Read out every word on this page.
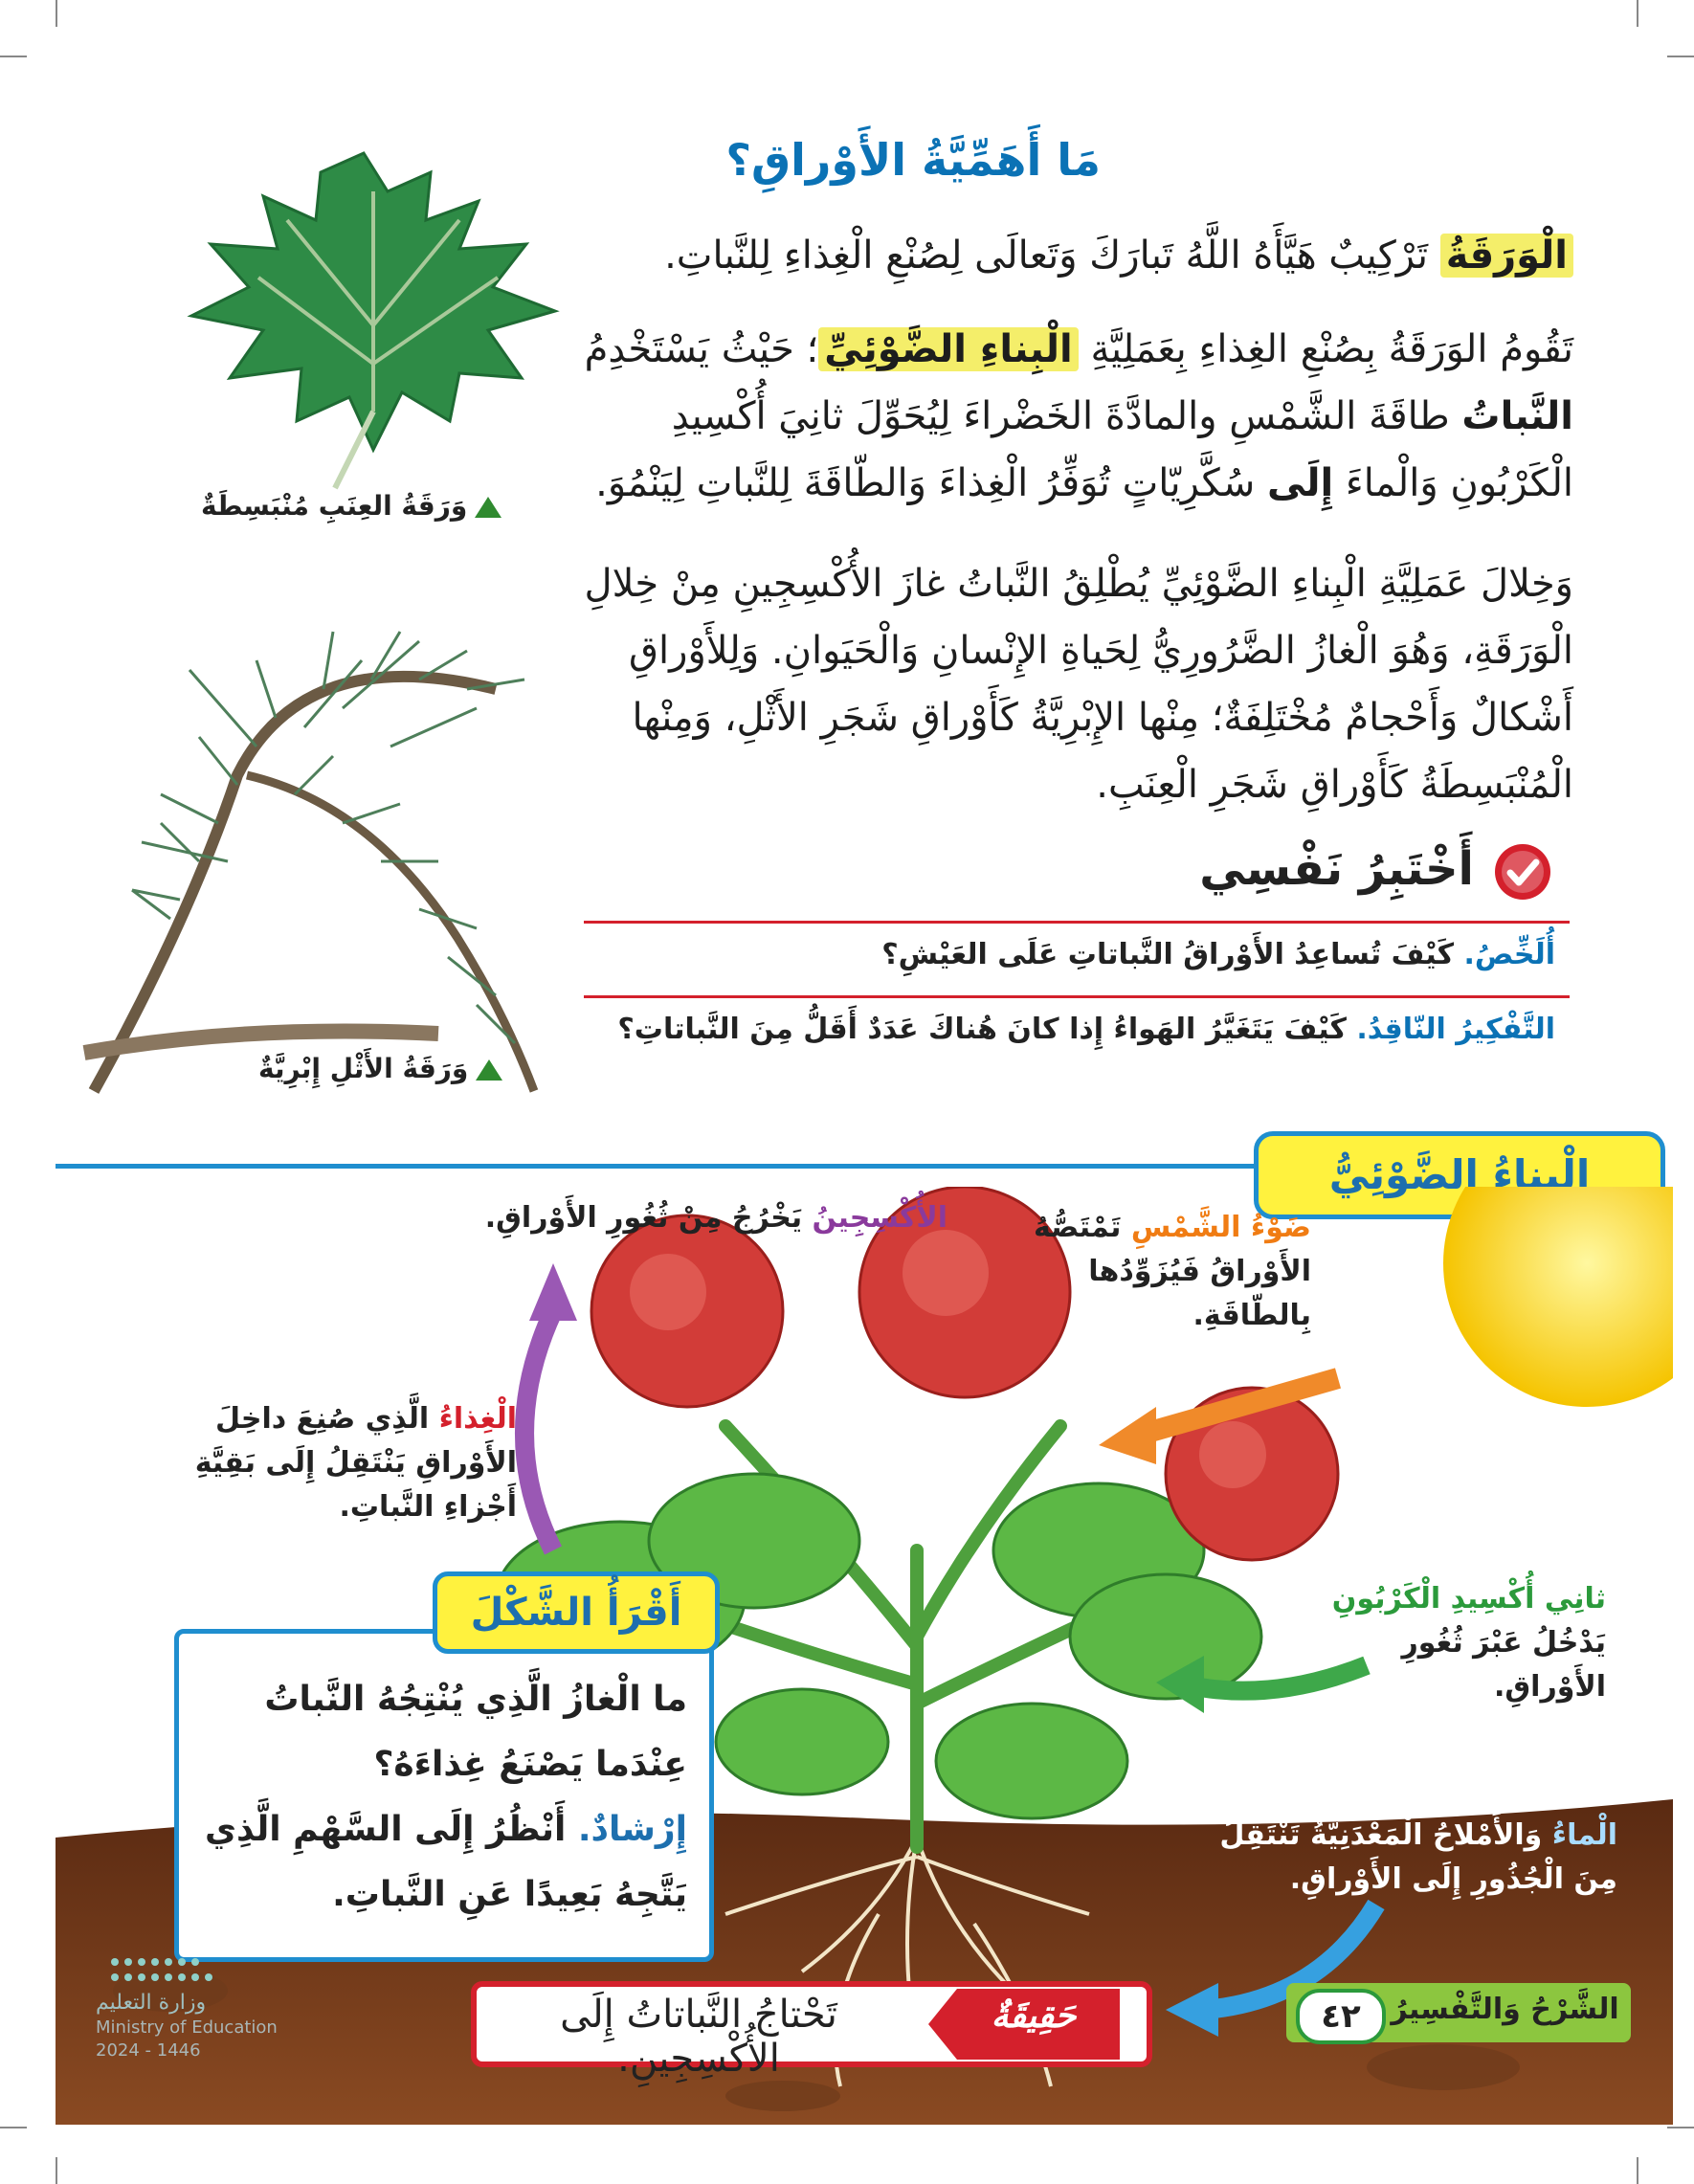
مَا أَهَمِّيَّةُ الأَوْراقِ؟
الْوَرَقَةُ تَرْكِيبٌ هَيَّأَهُ اللَّهُ تَبارَكَ وَتَعالَى لِصُنْعِ الْغِذاءِ لِلنَّباتِ.
تَقُومُ الوَرَقَةُ بِصُنْعِ الغِذاءِ بِعَمَلِيَّةِ الْبِناءِ الضَّوْئِيِّ؛ حَيْثُ يَسْتَخْدِمُ النَّباتُ طاقَةَ الشَّمْسِ والمادَّةَ الخَضْراءَ لِيُحَوِّلَ ثانِيَ أُكْسِيدِ الْكَرْبُونِ وَالْماءَ إِلَى سُكَّرِيّاتٍ تُوَفِّرُ الْغِذاءَ وَالطّاقَةَ لِلنَّباتِ لِيَنْمُوَ.
وَخِلالَ عَمَلِيَّةِ الْبِناءِ الضَّوْئِيِّ يُطْلِقُ النَّباتُ غازَ الأُكْسِجِينِ مِنْ خِلالِ الْوَرَقَةِ، وَهُوَ الْغازُ الضَّرُورِيُّ لِحَياةِ الإِنْسانِ وَالْحَيَوانِ. وَلِلأَوْراقِ أَشْكالٌ وَأَحْجامٌ مُخْتَلِفَةٌ؛ مِنْها الإِبْرِيَّةُ كَأَوْراقِ شَجَرِ الأَثْلِ، وَمِنْها الْمُنْبَسِطَةُ كَأَوْراقِ شَجَرِ الْعِنَبِ.
أَخْتَبِرُ نَفْسِي
أُلَخِّصُ. كَيْفَ تُساعِدُ الأَوْراقُ النَّباتاتِ عَلَى العَيْشِ؟
التَّفْكِيرُ النّاقِدُ. كَيْفَ يَتَغَيَّرُ الهَواءُ إِذا كانَ هُناكَ عَدَدٌ أَقَلُّ مِنَ النَّباتاتِ؟
وَرَقَةُ العِنَبِ مُنْبَسِطَةٌ
وَرَقَةُ الأَثْلِ إِبْرِيَّةٌ
الْبِناءُ الضَّوْئِيُّ
ضَوْءُ الشَّمْسِ تَمْتَصُّهُ الأَوْراقُ فَيُزَوِّدُها بِالطّاقَةِ.
الأُكْسِجِينُ يَخْرُجُ مِنْ ثُغُورِ الأَوْراقِ.
الْغِذاءُ الَّذِي صُنِعَ داخِلَ الأَوْراقِ يَنْتَقِلُ إِلَى بَقِيَّةِ أَجْزاءِ النَّباتِ.
ثانِي أُكْسِيدِ الْكَرْبُونِ
يَدْخُلُ عَبْرَ ثُغُورِ الأَوْراقِ.
الْماءُ وَالأَمْلاحُ الْمَعْدَنِيَّةُ تَنْتَقِلُ مِنَ الْجُذُورِ إِلَى الأَوْراقِ.
أَقْرَأُ الشَّكْلَ
ما الْغازُ الَّذِي يُنْتِجُهُ النَّباتُ عِنْدَما يَصْنَعُ غِذاءَهُ؟
إِرْشادٌ. أَنْظُرُ إِلَى السَّهْمِ الَّذِي يَتَّجِهُ بَعِيدًا عَنِ النَّباتِ.
تَحْتاجُ النَّباتاتُ إِلَى الأُكْسِجِينِ.
حَقِيقَةٌ	٤٢	الشَّرْحُ وَالتَّفْسِيرُ
وزارة التعليم
Ministry of Education
2024 - 1446
